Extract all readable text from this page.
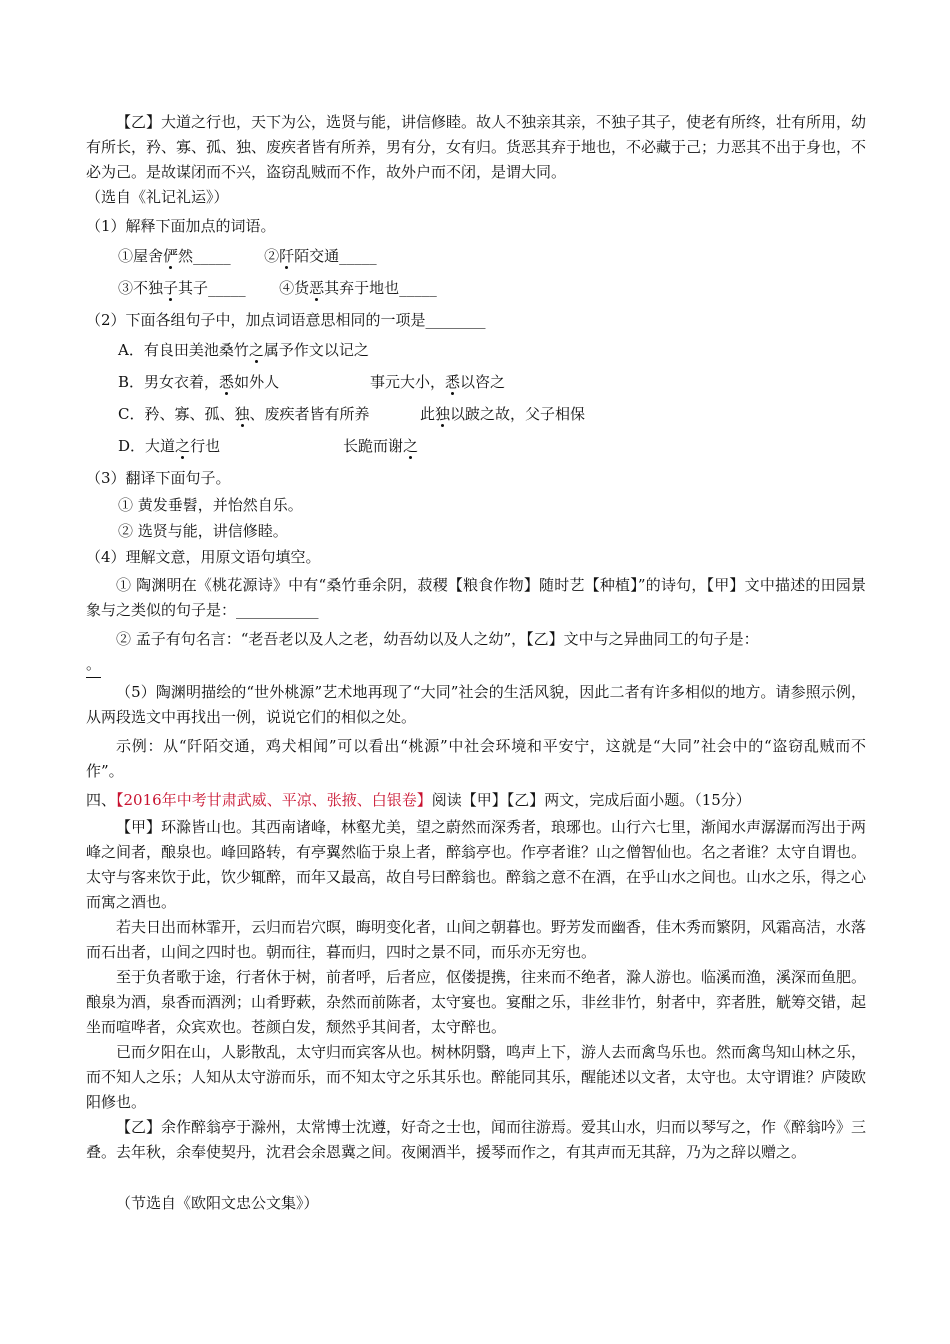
【乙】大道之行也，天下为公，选贤与能，讲信修睦。故人不独亲其亲，不独子其子，使老有所终，壮有所用，幼有所长，矜、寡、孤、独、废疾者皆有所养，男有分，女有归。货恶其弃于地也，不必藏于己；力恶其不出于身也，不必为己。是故谋闭而不兴，盗窃乱贼而不作，故外户而不闭，是谓大同。

（选自《礼记礼运》）

（1）解释下面加点的词语。

①屋舍俨然_____ ②阡陌交通_____

③不独子其子_____ ④货恶其弃于地也_____

（2）下面各组句子中，加点词语意思相同的一项是________

A．有良田美池桑竹之属予作文以记之

B．男女衣着，悉如外人	事元大小，悉以咨之

C．矜、寡、孤、独、废疾者皆有所养	此独以跛之故，父子相保

D．大道之行也	长跪而谢之

（3）翻译下面句子。

① 黄发垂髫，并怡然自乐。

② 选贤与能，讲信修睦。

（4）理解文意，用原文语句填空。

① 陶渊明在《桃花源诗》中有“桑竹垂余阴，菽稷【粮食作物】随时艺【种植】”的诗句，【甲】文中描述的田园景象与之类似的句子是：___________

② 孟子有句名言：“老吾老以及人之老，幼吾幼以及人之幼”，【乙】文中与之异曲同工的句子是：

。

（5）陶渊明描绘的“世外桃源”艺术地再现了“大同”社会的生活风貌，因此二者有许多相似的地方。请参照示例，从两段选文中再找出一例，说说它们的相似之处。

示例：从“阡陌交通，鸡犬相闻”可以看出“桃源”中社会环境和平安宁，这就是“大同”社会中的“盗窃乱贼而不作”。

四、【2016年中考甘肃武威、平凉、张掖、白银卷】阅读【甲】【乙】两文，完成后面小题。（15分）

【甲】环滁皆山也。其西南诸峰，林壑尤美，望之蔚然而深秀者，琅琊也。山行六七里，渐闻水声潺潺而泻出于两峰之间者，酿泉也。峰回路转，有亭翼然临于泉上者，醉翁亭也。作亭者谁？山之僧智仙也。名之者谁？太守自谓也。太守与客来饮于此，饮少辄醉，而年又最高，故自号曰醉翁也。醉翁之意不在酒，在乎山水之间也。山水之乐，得之心而寓之酒也。

若夫日出而林霏开，云归而岩穴暝，晦明变化者，山间之朝暮也。野芳发而幽香，佳木秀而繁阴，风霜高洁，水落而石出者，山间之四时也。朝而往，暮而归，四时之景不同，而乐亦无穷也。

至于负者歌于途，行者休于树，前者呼，后者应，伛偻提携，往来而不绝者，滁人游也。临溪而渔，溪深而鱼肥。酿泉为酒，泉香而酒洌；山肴野蔌，杂然而前陈者，太守宴也。宴酣之乐，非丝非竹，射者中，弈者胜，觥筹交错，起坐而喧哗者，众宾欢也。苍颜白发，颓然乎其间者，太守醉也。

已而夕阳在山，人影散乱，太守归而宾客从也。树林阴翳，鸣声上下，游人去而禽鸟乐也。然而禽鸟知山林之乐，而不知人之乐；人知从太守游而乐，而不知太守之乐其乐也。醉能同其乐，醒能述以文者，太守也。太守谓谁？庐陵欧阳修也。

【乙】余作醉翁亭于滁州，太常博士沈遵，好奇之士也，闻而往游焉。爱其山水，归而以琴写之，作《醉翁吟》三叠。去年秋，余奉使契丹，沈君会余恩冀之间。夜阑酒半，援琴而作之，有其声而无其辞，乃为之辞以赠之。

（节选自《欧阳文忠公文集》）
